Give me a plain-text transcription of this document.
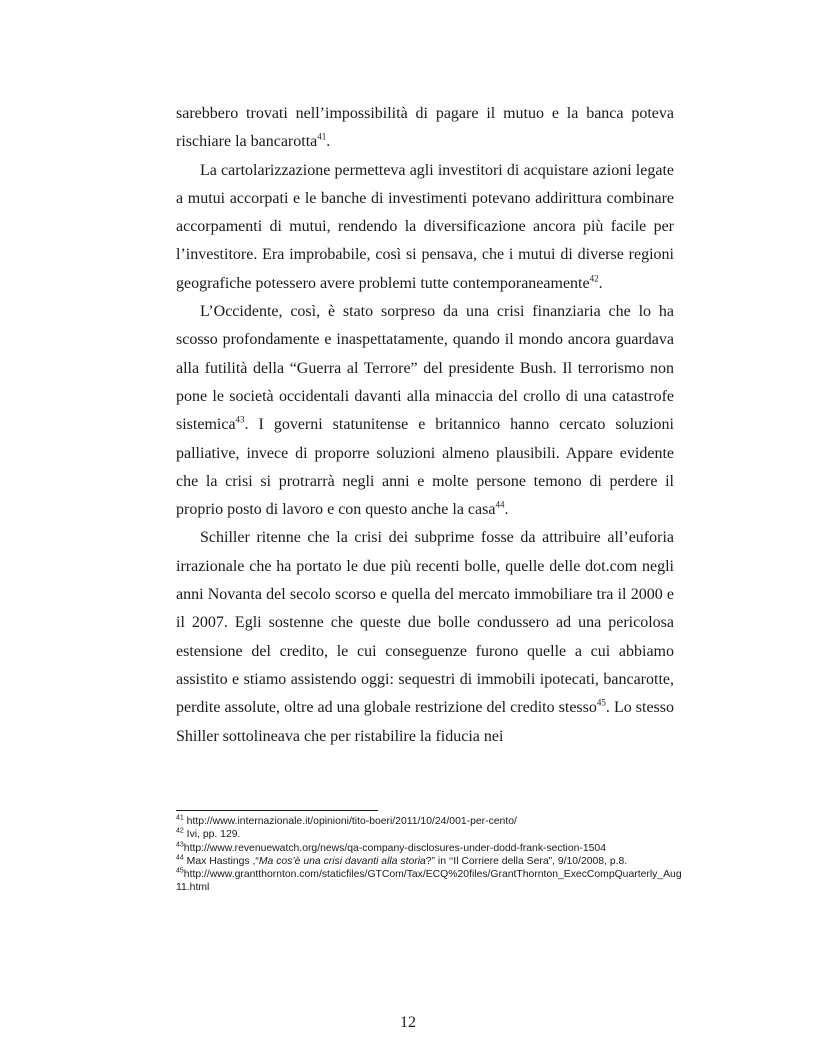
sarebbero trovati nell’impossibilità di pagare il mutuo e la banca poteva rischiare la bancarotta$^{41}$.

La cartolarizzazione permetteva agli investitori di acquistare azioni legate a mutui accorpati e le banche di investimenti potevano addirittura combinare accorpamenti di mutui, rendendo la diversificazione ancora più facile per l’investitore. Era improbabile, così si pensava, che i mutui di diverse regioni geografiche potessero avere problemi tutte contemporaneamente$^{42}$.

L’Occidente, così, è stato sorpreso da una crisi finanziaria che lo ha scosso profondamente e inaspettatamente, quando il mondo ancora guardava alla futilità della “Guerra al Terrore” del presidente Bush. Il terrorismo non pone le società occidentali davanti alla minaccia del crollo di una catastrofe sistemica$^{43}$. I governi statunitense e britannico hanno cercato soluzioni palliative, invece di proporre soluzioni almeno plausibili. Appare evidente che la crisi si protrarrà negli anni e molte persone temono di perdere il proprio posto di lavoro e con questo anche la casa$^{44}$.

Schiller ritenne che la crisi dei subprime fosse da attribuire all’euforia irrazionale che ha portato le due più recenti bolle, quelle delle dot.com negli anni Novanta del secolo scorso e quella del mercato immobiliare tra il 2000 e il 2007. Egli sostenne che queste due bolle condussero ad una pericolosa estensione del credito, le cui conseguenze furono quelle a cui abbiamo assistito e stiamo assistendo oggi: sequestri di immobili ipotecati, bancarotte, perdite assolute, oltre ad una globale restrizione del credito stesso$^{45}$. Lo stesso Shiller sottolineava che per ristabilire la fiducia nei

$^{41}$ http://www.internazionale.it/opinioni/tito-boeri/2011/10/24/001-per-cento/
$^{42}$ Ivi, pp. 129.
$^{43}$http://www.revenuewatch.org/news/qa-company-disclosures-under-dodd-frank-section-1504
$^{44}$ Max Hastings ,“Ma cos’è una crisi davanti alla storia?” in ‘‘Il Corriere della Sera”, 9/10/2008, p.8.
$^{45}$http://www.grantthornton.com/staticfiles/GTCom/Tax/ECQ%20files/GrantThornton_ExecCompQuarterly_Aug11.html
12
